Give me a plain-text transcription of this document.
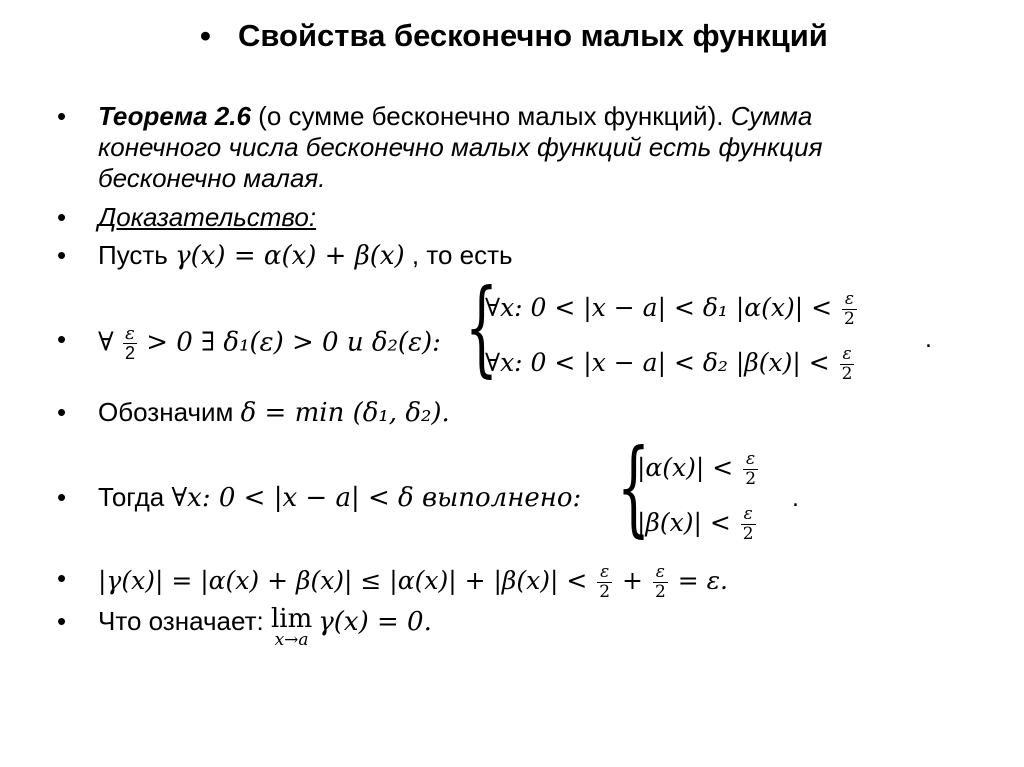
• Свойства бесконечно малых функций
• Теорема 2.6 (о сумме бесконечно малых функций). Сумма
конечного числа бесконечно малых функций есть функция
бесконечно малая.
• Доказательство:
• Пусть γ(x) = α(x) + β(x) , то есть
• ∀ $\frac{\varepsilon}{2} > 0$ ∃ δ₁(ε) > 0 и δ₂(ε): {
∀x: 0 < |x − a| < δ₁ $|\alpha(x)| < \frac{\varepsilon}{2}$
∀x: 0 < |x − a| < δ₂ $|\beta(x)| < \frac{\varepsilon}{2}$
.
• Обозначим δ = min (δ₁, δ₂).
• Тогда ∀x: 0 < |x − a| < δ выполнено: {
$|\alpha(x)| < \frac{\varepsilon}{2}$
$|\beta(x)| < \frac{\varepsilon}{2}$
.
• $|\gamma(x)| = |\alpha(x) + \beta(x)| \le |\alpha(x)| + |\beta(x)| < \frac{\varepsilon}{2} + \frac{\varepsilon}{2} = \varepsilon$.
• Что означает: lim
x→a
γ(x) = 0.
